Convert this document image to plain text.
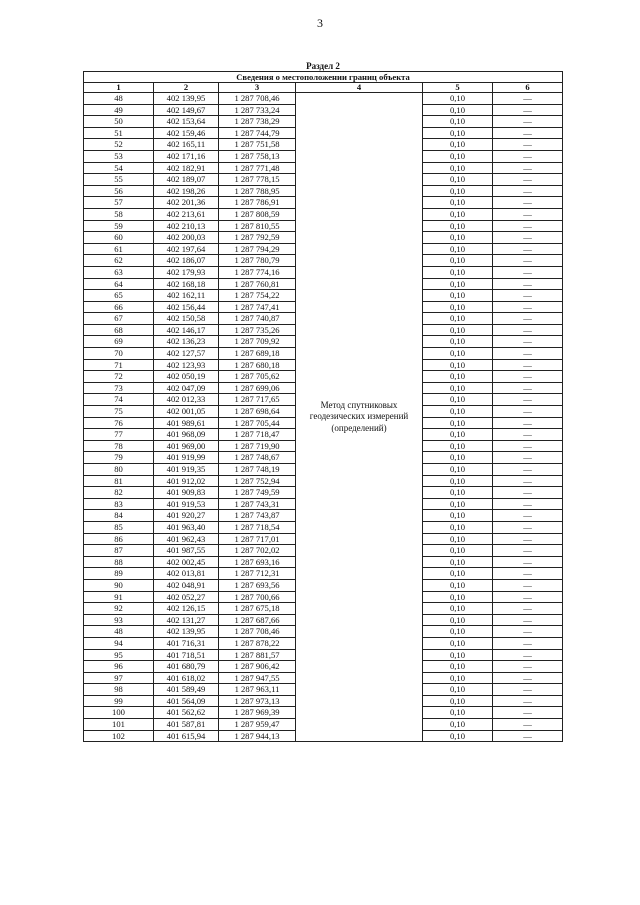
3
Раздел 2
Сведения о местоположении границ объекта					
1	2	3	4	5	6
48	402 139,95	1 287 708,46	Метод спутниковых геодезических измерений (определений)	0,10	—
49	402 149,67	1 287 733,24		0,10	—
50	402 153,64	1 287 738,29		0,10	—
51	402 159,46	1 287 744,79		0,10	—
52	402 165,11	1 287 751,58		0,10	—
53	402 171,16	1 287 758,13		0,10	—
54	402 182,91	1 287 771,48		0,10	—
55	402 189,07	1 287 778,15		0,10	—
56	402 198,26	1 287 788,95		0,10	—
57	402 201,36	1 287 786,91		0,10	—
58	402 213,61	1 287 808,59		0,10	—
59	402 210,13	1 287 810,55		0,10	—
60	402 200,03	1 287 792,59		0,10	—
61	402 197,64	1 287 794,29		0,10	—
62	402 186,07	1 287 780,79		0,10	—
63	402 179,93	1 287 774,16		0,10	—
64	402 168,18	1 287 760,81		0,10	—
65	402 162,11	1 287 754,22		0,10	—
66	402 156,44	1 287 747,41		0,10	—
67	402 150,58	1 287 740,87		0,10	—
68	402 146,17	1 287 735,26		0,10	—
69	402 136,23	1 287 709,92		0,10	—
70	402 127,57	1 287 689,18		0,10	—
71	402 123,93	1 287 680,18		0,10	—
72	402 050,19	1 287 705,62		0,10	—
73	402 047,09	1 287 699,06		0,10	—
74	402 012,33	1 287 717,65		0,10	—
75	402 001,05	1 287 698,64		0,10	—
76	401 989,61	1 287 705,44		0,10	—
77	401 968,09	1 287 718,47		0,10	—
78	401 969,00	1 287 719,90		0,10	—
79	401 919,99	1 287 748,67		0,10	—
80	401 919,35	1 287 748,19		0,10	—
81	401 912,02	1 287 752,94		0,10	—
82	401 909,83	1 287 749,59		0,10	—
83	401 919,53	1 287 743,31		0,10	—
84	401 920,27	1 287 743,87		0,10	—
85	401 963,40	1 287 718,54		0,10	—
86	401 962,43	1 287 717,01		0,10	—
87	401 987,55	1 287 702,02		0,10	—
88	402 002,45	1 287 693,16		0,10	—
89	402 013,81	1 287 712,31		0,10	—
90	402 048,91	1 287 693,56		0,10	—
91	402 052,27	1 287 700,66		0,10	—
92	402 126,15	1 287 675,18		0,10	—
93	402 131,27	1 287 687,66		0,10	—
48	402 139,95	1 287 708,46		0,10	—
94	401 716,31	1 287 878,22		0,10	—
95	401 718,51	1 287 881,57		0,10	—
96	401 680,79	1 287 906,42		0,10	—
97	401 618,02	1 287 947,55		0,10	—
98	401 589,49	1 287 963,11		0,10	—
99	401 564,09	1 287 973,13		0,10	—
100	401 562,62	1 287 969,39		0,10	—
101	401 587,81	1 287 959,47		0,10	—
102	401 615,94	1 287 944,13		0,10	—
